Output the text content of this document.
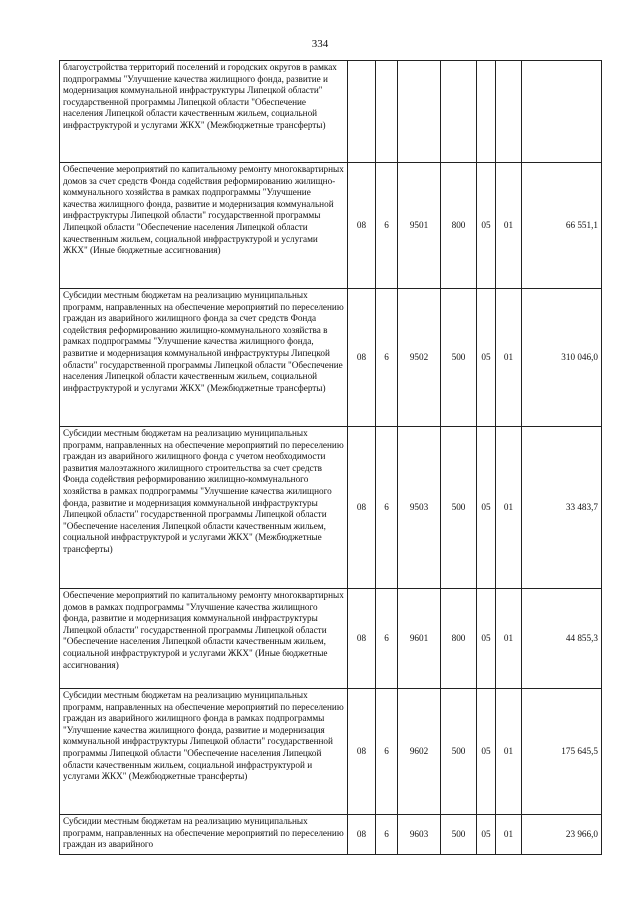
334
благоустройства территорий поселений и городских округов в рамках подпрограммы "Улучшение качества жилищного фонда, развитие и модернизация коммунальной инфраструктуры Липецкой области" государственной программы Липецкой области "Обеспечение населения Липецкой области качественным жильем, социальной инфраструктурой и услугами ЖКХ" (Межбюджетные трансферты)							
Обеспечение мероприятий по капитальному ремонту многоквартирных домов за счет средств Фонда содействия реформированию жилищно-коммунального хозяйства в рамках подпрограммы "Улучшение качества жилищного фонда, развитие и модернизация коммунальной инфраструктуры Липецкой области" государственной программы Липецкой области "Обеспечение населения Липецкой области качественным жильем, социальной инфраструктурой и услугами ЖКХ" (Иные бюджетные ассигнования)	08	6	9501	800	05	01	66 551,1
Субсидии местным бюджетам на реализацию муниципальных программ, направленных на обеспечение мероприятий по переселению граждан из аварийного жилищного фонда за счет средств Фонда содействия реформированию жилищно-коммунального хозяйства в рамках подпрограммы "Улучшение качества жилищного фонда, развитие и модернизация коммунальной инфраструктуры Липецкой области" государственной программы Липецкой области "Обеспечение населения Липецкой области качественным жильем, социальной инфраструктурой и услугами ЖКХ" (Межбюджетные трансферты)	08	6	9502	500	05	01	310 046,0
Субсидии местным бюджетам на реализацию муниципальных программ, направленных на обеспечение мероприятий по переселению граждан из аварийного жилищного фонда с учетом необходимости развития малоэтажного жилищного строительства за счет средств Фонда содействия реформированию жилищно-коммунального хозяйства в рамках подпрограммы "Улучшение качества жилищного фонда, развитие и модернизация коммунальной инфраструктуры Липецкой области" государственной программы Липецкой области "Обеспечение населения Липецкой области качественным жильем, социальной инфраструктурой и услугами ЖКХ" (Межбюджетные трансферты)	08	6	9503	500	05	01	33 483,7
Обеспечение мероприятий по капитальному ремонту многоквартирных домов в рамках подпрограммы "Улучшение качества жилищного фонда, развитие и модернизация коммунальной инфраструктуры Липецкой области" государственной программы Липецкой области "Обеспечение населения Липецкой области качественным жильем, социальной инфраструктурой и услугами ЖКХ" (Иные бюджетные ассигнования)	08	6	9601	800	05	01	44 855,3
Субсидии местным бюджетам на реализацию муниципальных программ, направленных на обеспечение мероприятий по переселению граждан из аварийного жилищного фонда в рамках подпрограммы "Улучшение качества жилищного фонда, развитие и модернизация коммунальной инфраструктуры Липецкой области" государственной программы Липецкой области "Обеспечение населения Липецкой области качественным жильем, социальной инфраструктурой и услугами ЖКХ" (Межбюджетные трансферты)	08	6	9602	500	05	01	175 645,5
Субсидии местным бюджетам на реализацию муниципальных программ, направленных на обеспечение мероприятий по переселению граждан из аварийного	08	6	9603	500	05	01	23 966,0
